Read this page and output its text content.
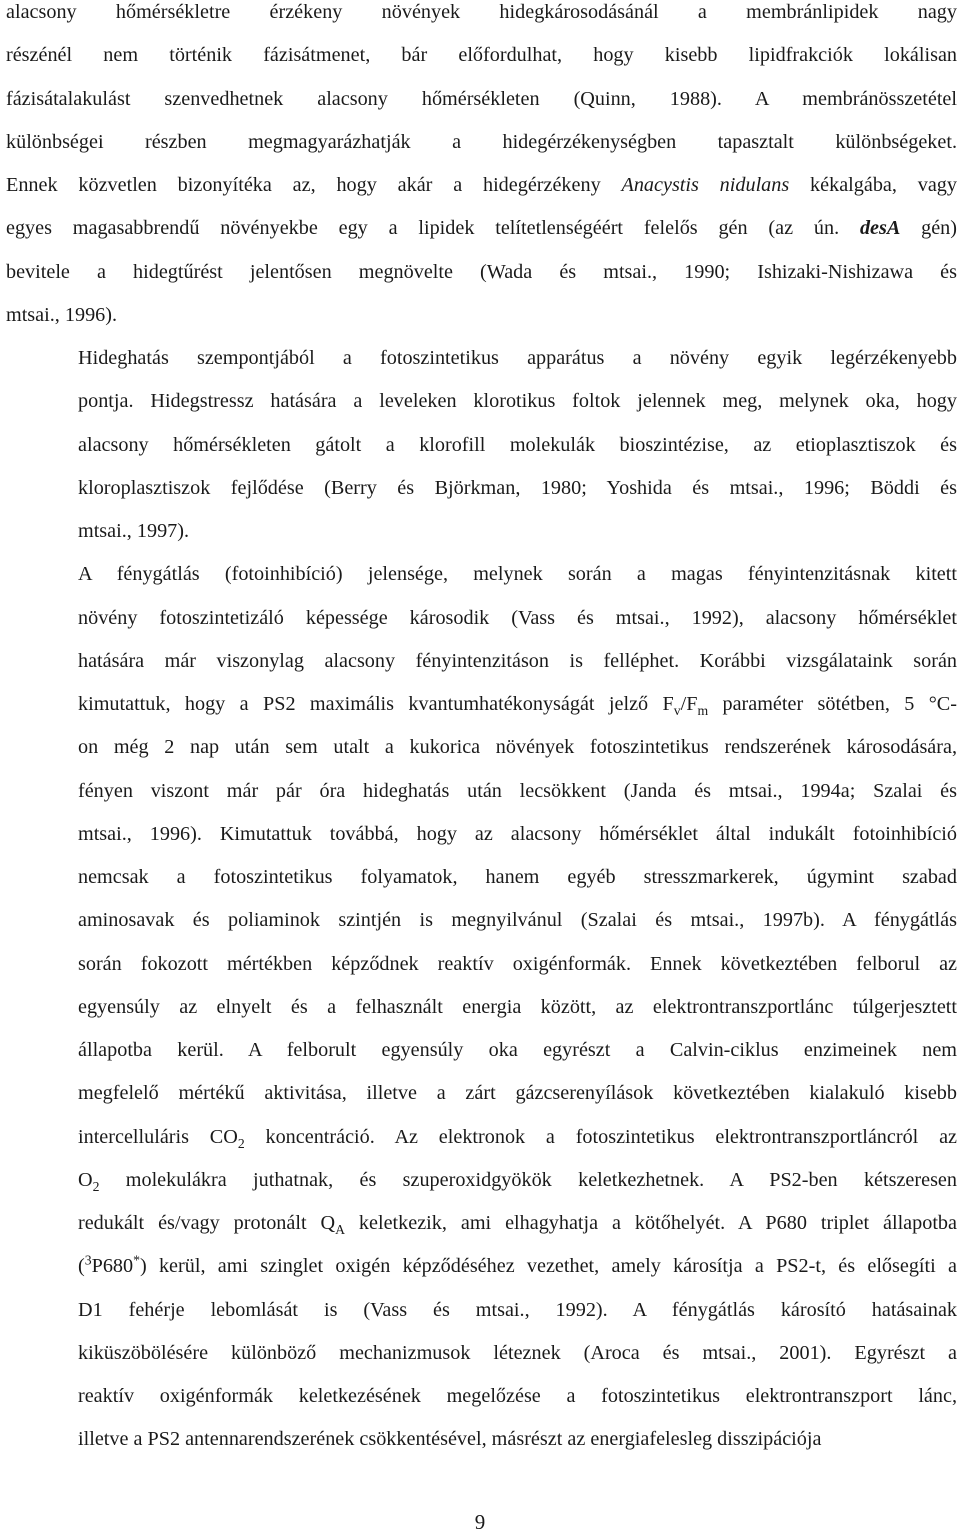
alacsony hőmérsékletre érzékeny növények hidegkárosodásánál a membránlipidek nagy
részénél nem történik fázisátmenet, bár előfordulhat, hogy kisebb lipidfrakciók lokálisan
fázisátalakulást szenvedhetnek alacsony hőmérsékleten (Quinn, 1988). A membránösszetétel
különbségei részben megmagyarázhatják a hidegérzékenységben tapasztalt különbségeket.
Ennek közvetlen bizonyítéka az, hogy akár a hidegérzékeny Anacystis nidulans kékalgába, vagy
egyes magasabbrendű növényekbe egy a lipidek telítetlenségéért felelős gén (az ún. desA gén)
bevitele a hidegtűrést jelentősen megnövelte (Wada és mtsai., 1990; Ishizaki-Nishizawa és
mtsai., 1996).

Hideghatás szempontjából a fotoszintetikus apparátus a növény egyik legérzékenyebb
pontja. Hidegstressz hatására a leveleken klorotikus foltok jelennek meg, melynek oka, hogy
alacsony hőmérsékleten gátolt a klorofill molekulák bioszintézise, az etioplasztiszok és
kloroplasztiszok fejlődése (Berry és Björkman, 1980; Yoshida és mtsai., 1996; Böddi és
mtsai., 1997).

A fénygátlás (fotoinhibíció) jelensége, melynek során a magas fényintenzitásnak kitett
növény fotoszintetizáló képessége károsodik (Vass és mtsai., 1992), alacsony hőmérséklet
hatására már viszonylag alacsony fényintenzitáson is felléphet. Korábbi vizsgálataink során
kimutattuk, hogy a PS2 maximális kvantumhatékonyságát jelző $F_v/F_m$ paraméter sötétben, 5 °C-
on még 2 nap után sem utalt a kukorica növények fotoszintetikus rendszerének károsodására,
fényen viszont már pár óra hideghatás után lecsökkent (Janda és mtsai., 1994a; Szalai és
mtsai., 1996). Kimutattuk továbbá, hogy az alacsony hőmérséklet által indukált fotoinhibíció
nemcsak a fotoszintetikus folyamatok, hanem egyéb stresszmarkerek, úgymint szabad
aminosavak és poliaminok szintjén is megnyilvánul (Szalai és mtsai., 1997b). A fénygátlás
során fokozott mértékben képződnek reaktív oxigénformák. Ennek következtében felborul az
egyensúly az elnyelt és a felhasznált energia között, az elektrontranszportlánc túlgerjesztett
állapotba kerül. A felborult egyensúly oka egyrészt a Calvin-ciklus enzimeinek nem
megfelelő mértékű aktivitása, illetve a zárt gázcserenyílások következtében kialakuló kisebb
intercelluláris $CO_2$ koncentráció. Az elektronok a fotoszintetikus elektrontranszportláncról az
$O_2$ molekulákra juthatnak, és szuperoxidgyökök keletkezhetnek. A PS2-ben kétszeresen
redukált és/vagy protonált $Q_A$ keletkezik, ami elhagyhatja a kötőhelyét. A P680 triplet állapotba
($^3$P680*) kerül, ami szinglet oxigén képződéséhez vezethet, amely károsítja a PS2-t, és elősegíti a
D1 fehérje lebomlását is (Vass és mtsai., 1992). A fénygátlás károsító hatásainak
kiküszöbölésére különböző mechanizmusok léteznek (Aroca és mtsai., 2001). Egyrészt a
reaktív oxigénformák keletkezésének megelőzése a fotoszintetikus elektrontranszport lánc,
illetve a PS2 antennarendszerének csökkentésével, másrészt az energiafelesleg disszipációja

9
